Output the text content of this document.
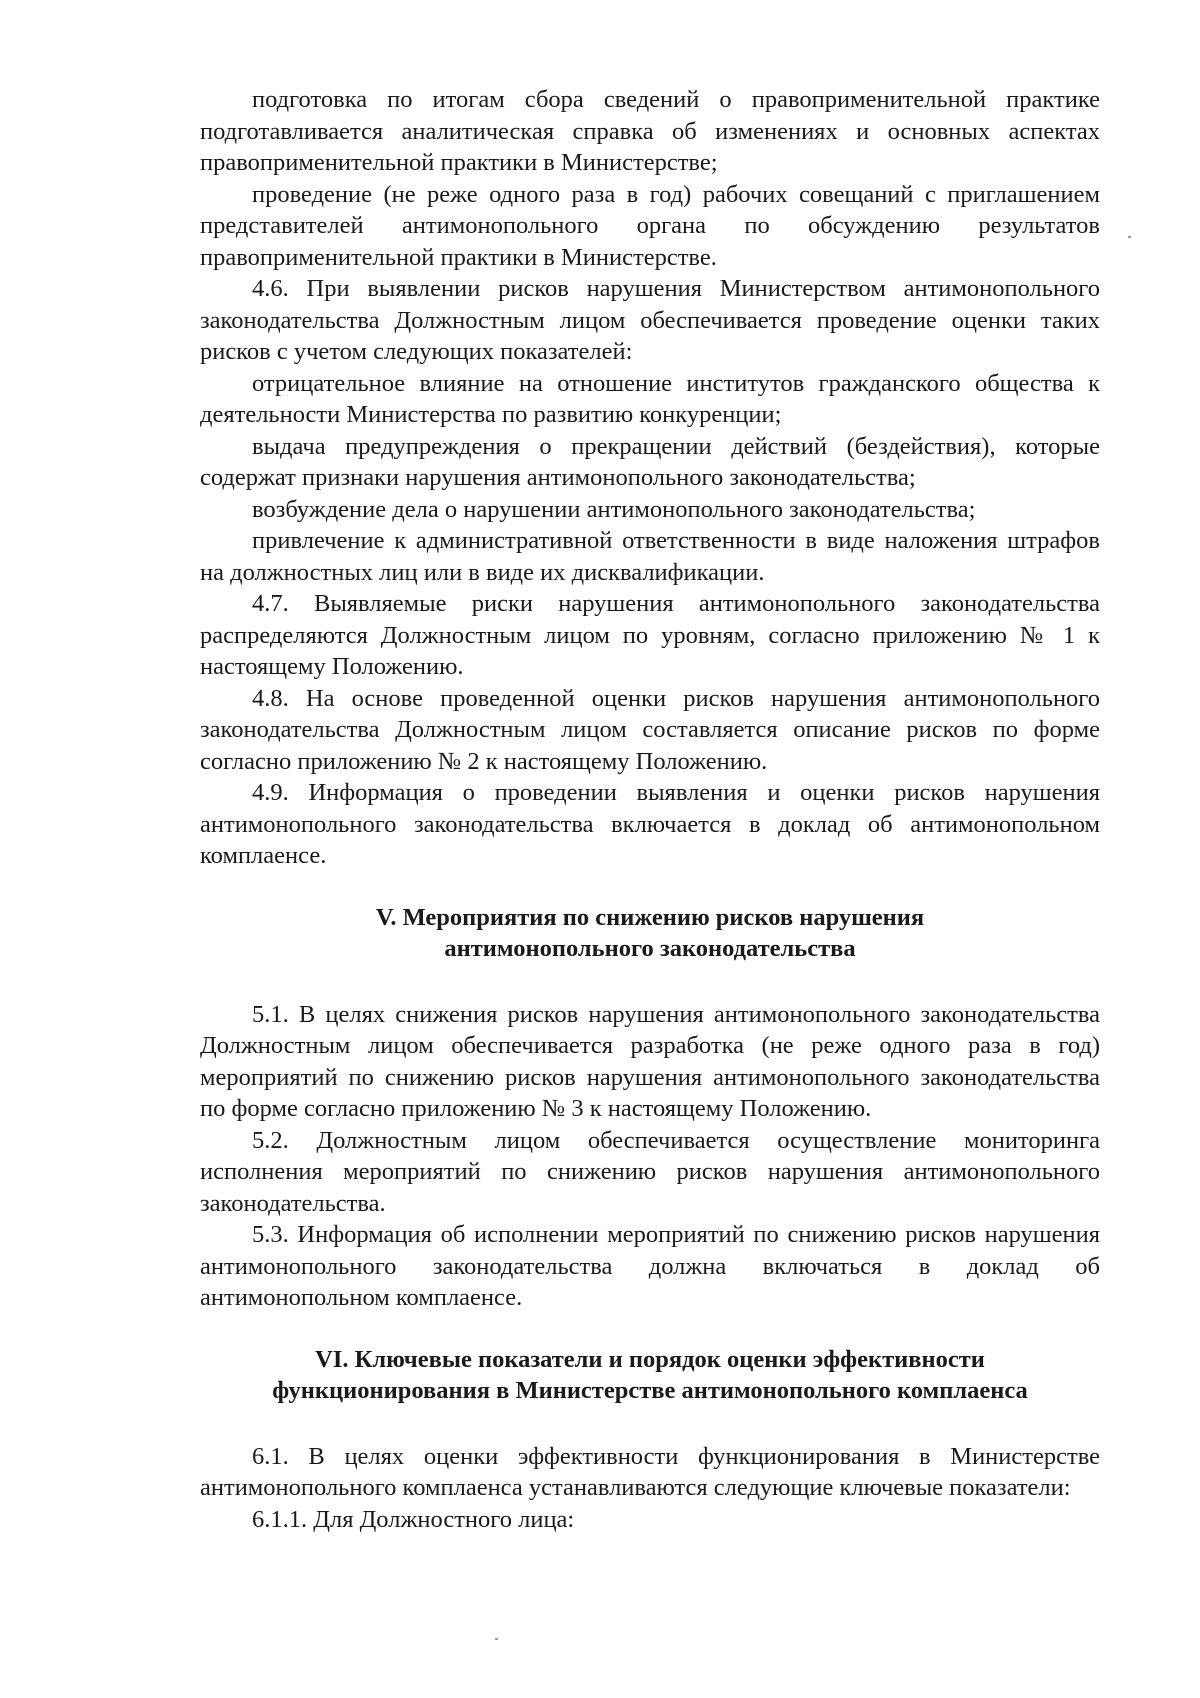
подготовка по итогам сбора сведений о правоприменительной практике подготавливается аналитическая справка об изменениях и основных аспектах правоприменительной практики в Министерстве;

проведение (не реже одного раза в год) рабочих совещаний с приглашением представителей антимонопольного органа по обсуждению результатов правоприменительной практики в Министерстве.

4.6. При выявлении рисков нарушения Министерством антимонопольного законодательства Должностным лицом обеспечивается проведение оценки таких рисков с учетом следующих показателей:

отрицательное влияние на отношение институтов гражданского общества к деятельности Министерства по развитию конкуренции;

выдача предупреждения о прекращении действий (бездействия), которые содержат признаки нарушения антимонопольного законодательства;

возбуждение дела о нарушении антимонопольного законодательства;

привлечение к административной ответственности в виде наложения штрафов на должностных лиц или в виде их дисквалификации.

4.7. Выявляемые риски нарушения антимонопольного законодательства распределяются Должностным лицом по уровням, согласно приложению № 1 к настоящему Положению.

4.8. На основе проведенной оценки рисков нарушения антимонопольного законодательства Должностным лицом составляется описание рисков по форме согласно приложению № 2 к настоящему Положению.

4.9. Информация о проведении выявления и оценки рисков нарушения антимонопольного законодательства включается в доклад об антимонопольном комплаенсе.

V. Мероприятия по снижению рисков нарушения
антимонопольного законодательства

5.1. В целях снижения рисков нарушения антимонопольного законодательства Должностным лицом обеспечивается разработка (не реже одного раза в год) мероприятий по снижению рисков нарушения антимонопольного законодательства по форме согласно приложению № 3 к настоящему Положению.

5.2. Должностным лицом обеспечивается осуществление мониторинга исполнения мероприятий по снижению рисков нарушения антимонопольного законодательства.

5.3. Информация об исполнении мероприятий по снижению рисков нарушения антимонопольного законодательства должна включаться в доклад об антимонопольном комплаенсе.

VI. Ключевые показатели и порядок оценки эффективности
функционирования в Министерстве антимонопольного комплаенса

6.1. В целях оценки эффективности функционирования в Министерстве антимонопольного комплаенса устанавливаются следующие ключевые показатели:

6.1.1. Для Должностного лица:
